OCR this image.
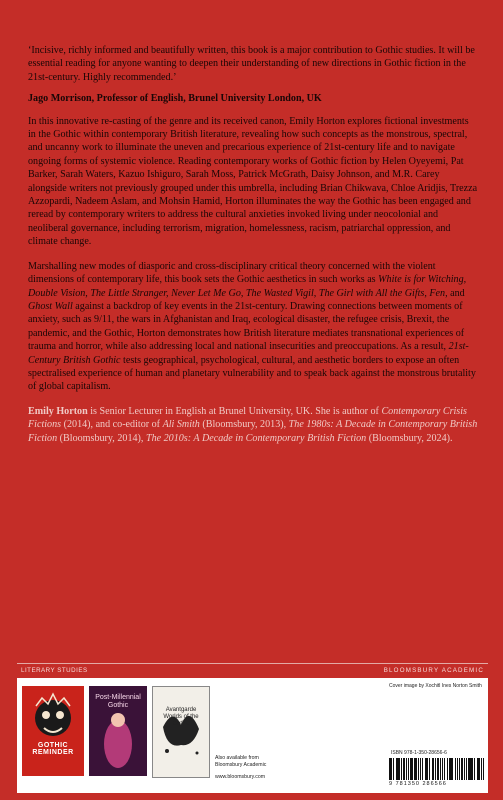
‘Incisive, richly informed and beautifully written, this book is a major contribution to Gothic studies. It will be essential reading for anyone wanting to deepen their understanding of new directions in Gothic fiction in the 21st-century. Highly recommended.’

Jago Morrison, Professor of English, Brunel University London, UK

In this innovative re-casting of the genre and its received canon, Emily Horton explores fictional investments in the Gothic within contemporary British literature, revealing how such concepts as the monstrous, spectral, and uncanny work to illuminate the uneven and precarious experience of 21st-century life and to navigate ongoing forms of systemic violence. Reading contemporary works of Gothic fiction by Helen Oyeyemi, Pat Barker, Sarah Waters, Kazuo Ishiguro, Sarah Moss, Patrick McGrath, Daisy Johnson, and M.R. Carey alongside writers not previously grouped under this umbrella, including Brian Chikwava, Chloe Aridjis, Trezza Azzopardi, Nadeem Aslam, and Mohsin Hamid, Horton illuminates the way the Gothic has been engaged and reread by contemporary writers to address the cultural anxieties invoked living under neocolonial and neoliberal governance, including terrorism, migration, homelessness, racism, patriarchal oppression, and climate change.

Marshalling new modes of diasporic and cross-disciplinary critical theory concerned with the violent dimensions of contemporary life, this book sets the Gothic aesthetics in such works as White is for Witching, Double Vision, The Little Stranger, Never Let Me Go, The Wasted Vigil, The Girl with All the Gifts, Fen, and Ghost Wall against a backdrop of key events in the 21st-century. Drawing connections between moments of anxiety, such as 9/11, the wars in Afghanistan and Iraq, ecological disaster, the refugee crisis, Brexit, the pandemic, and the Gothic, Horton demonstrates how British literature mediates transnational experiences of trauma and horror, while also addressing local and national insecurities and preoccupations. As a result, 21st-Century British Gothic tests geographical, psychological, cultural, and aesthetic borders to expose an often spectralised experience of human and planetary vulnerability and to speak back against the monstrous brutality of global capitalism.

Emily Horton is Senior Lecturer in English at Brunel University, UK. She is author of Contemporary Crisis Fictions (2014), and co-editor of Ali Smith (Bloomsbury, 2013), The 1980s: A Decade in Contemporary British Fiction (Bloomsbury, 2014), The 2010s: A Decade in Contemporary British Fiction (Bloomsbury, 2024).

LITERARY STUDIES	BLOOMSBURY ACADEMIC
GOTHIC REMINDER
Post-Millennial Gothic
Avantgarde Worlds of the Gothic
Also available from
Bloomsbury Academic
www.bloomsbury.com
Cover image by Xochitl Ines Norton Smith
ISBN 978-1-350-28656-6
9 781350 286566
